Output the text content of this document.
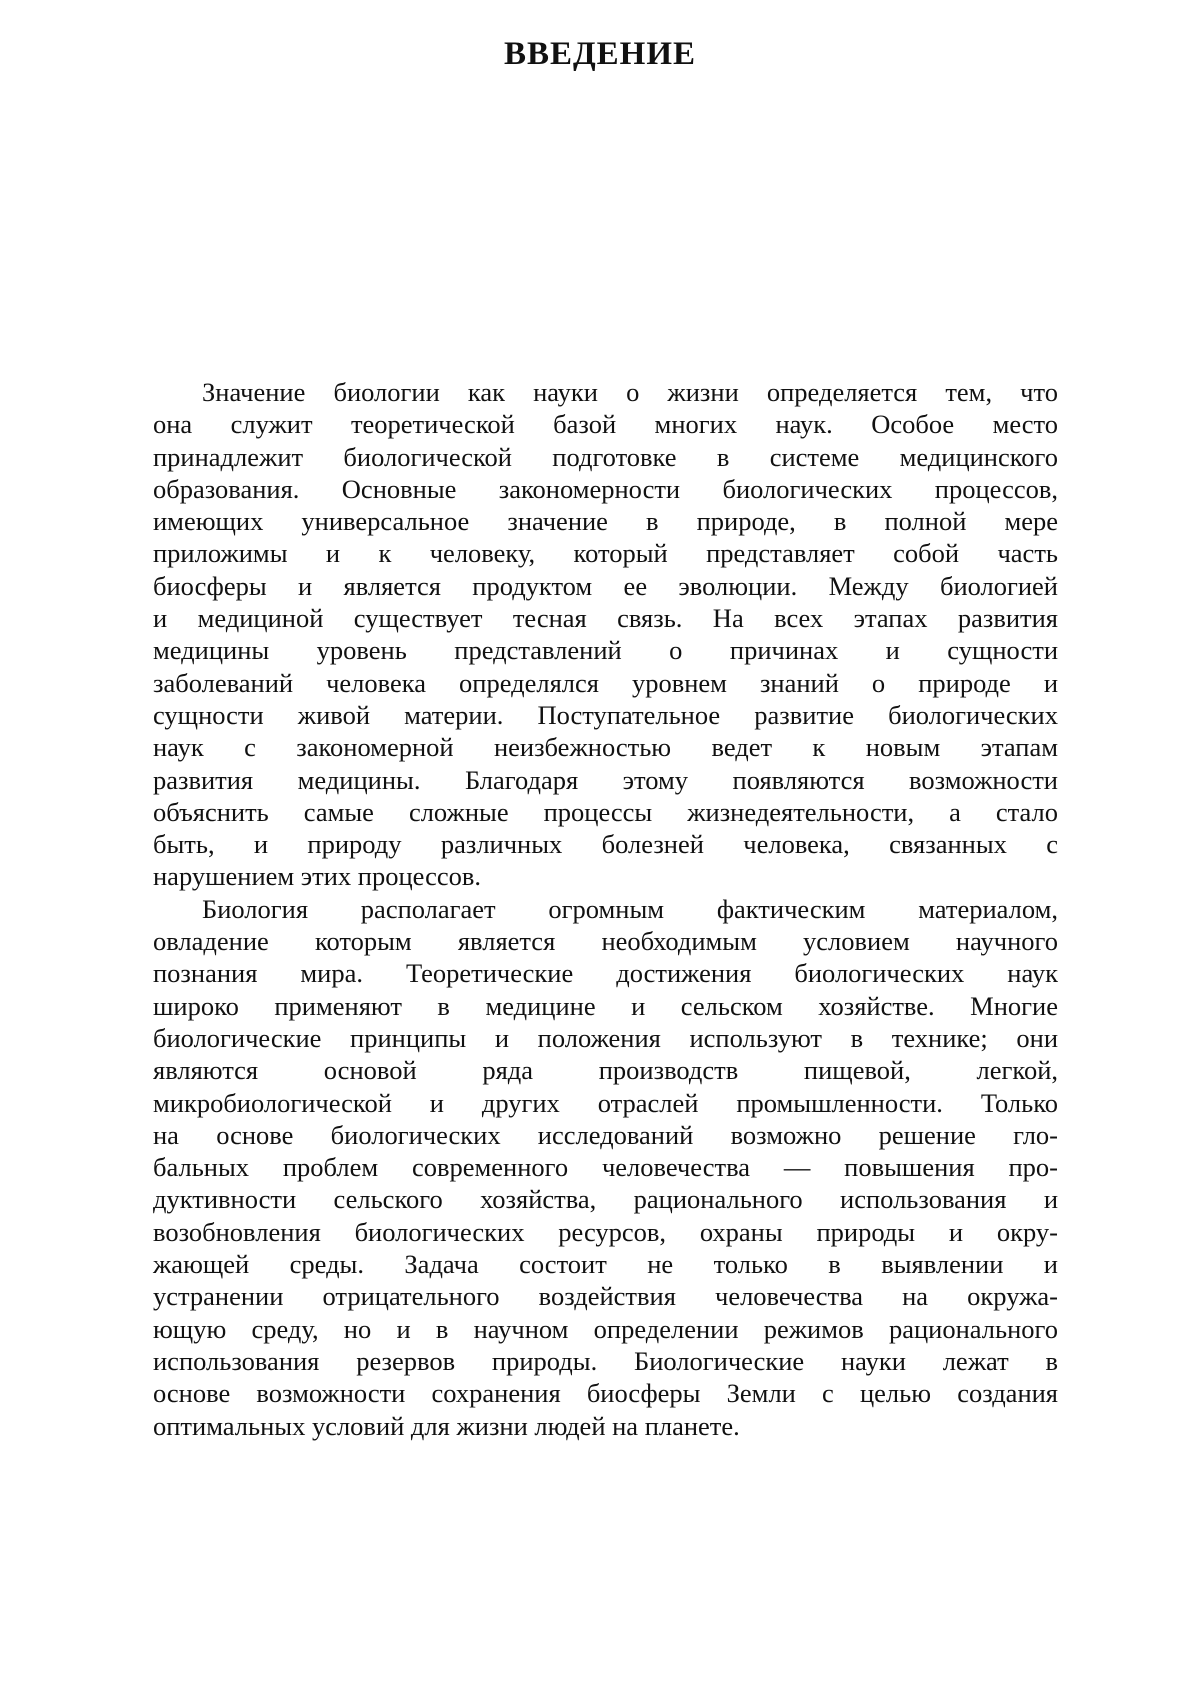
ВВЕДЕНИЕ
Значение биологии как науки о жизни определяется тем, что
она служит теоретической базой многих наук. Особое место
принадлежит биологической подготовке в системе медицинского
образования. Основные закономерности биологических процессов,
имеющих универсальное значение в природе, в полной мере
приложимы и к человеку, который представляет собой часть
биосферы и является продуктом ее эволюции. Между биологией
и медициной существует тесная связь. На всех этапах развития
медицины уровень представлений о причинах и сущности
заболеваний человека определялся уровнем знаний о природе и
сущности живой материи. Поступательное развитие биологических
наук с закономерной неизбежностью ведет к новым этапам
развития медицины. Благодаря этому появляются возможности
объяснить самые сложные процессы жизнедеятельности, а стало
быть, и природу различных болезней человека, связанных с
нарушением этих процессов.
Биология располагает огромным фактическим материалом,
овладение которым является необходимым условием научного
познания мира. Теоретические достижения биологических наук
широко применяют в медицине и сельском хозяйстве. Многие
биологические принципы и положения используют в технике; они
являются основой ряда производств пищевой, легкой,
микробиологической и других отраслей промышленности. Только
на основе биологических исследований возможно решение гло-
бальных проблем современного человечества — повышения про-
дуктивности сельского хозяйства, рационального использования и
возобновления биологических ресурсов, охраны природы и окру-
жающей среды. Задача состоит не только в выявлении и
устранении отрицательного воздействия человечества на окружа-
ющую среду, но и в научном определении режимов рационального
использования резервов природы. Биологические науки лежат в
основе возможности сохранения биосферы Земли с целью создания
оптимальных условий для жизни людей на планете.
